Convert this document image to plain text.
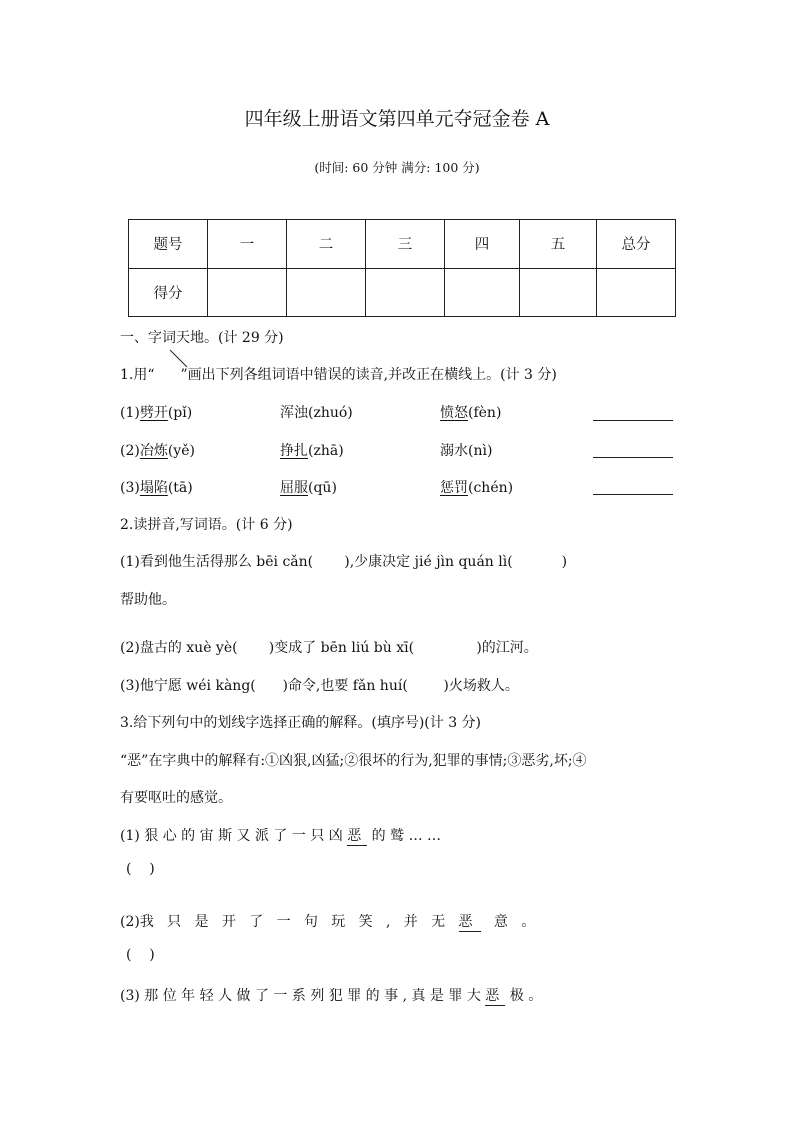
四年级上册语文第四单元夺冠金卷 A
(时间: 60 分钟 满分: 100 分)
题号	一	二	三	四	五	总分
得分						
一、字词天地。(计 29 分)
1.用“ ”画出下列各组词语中错误的读音,并改正在横线上。(计 3 分)
(1)劈开(pǐ)	浑浊(zhuó)	愤怒(fèn)
(2)冶炼(yě)	挣扎(zhā)	溺水(nì)
(3)塌陷(tā)	屈服(qū)	惩罚(chén)
2.读拼音,写词语。(计 6 分)
(1)看到他生活得那么 bēi cǎn(       ),少康决定 jié jìn quán lì(           )
帮助他。
(2)盘古的 xuè yè(       )变成了 bēn liú bù xī(              )的江河。
(3)他宁愿 wéi kàng(      )命令,也要 fǎn huí(        )火场救人。
3.给下列句中的划线字选择正确的解释。(填序号)(计 3 分)
“恶”在字典中的解释有:①凶狠,凶猛;②很坏的行为,犯罪的事情;③恶劣,坏;④
有要呕吐的感觉。
(1) 狠 心 的 宙 斯 又 派 了 一 只 凶 恶 的 鹫 … …
(    )
(2)我   只   是   开   了   一   句   玩   笑   ,   并   无   恶   意   。
(    )
(3) 那 位 年 轻 人 做 了 一 系 列 犯 罪 的 事 , 真 是 罪 大 恶 极 。
